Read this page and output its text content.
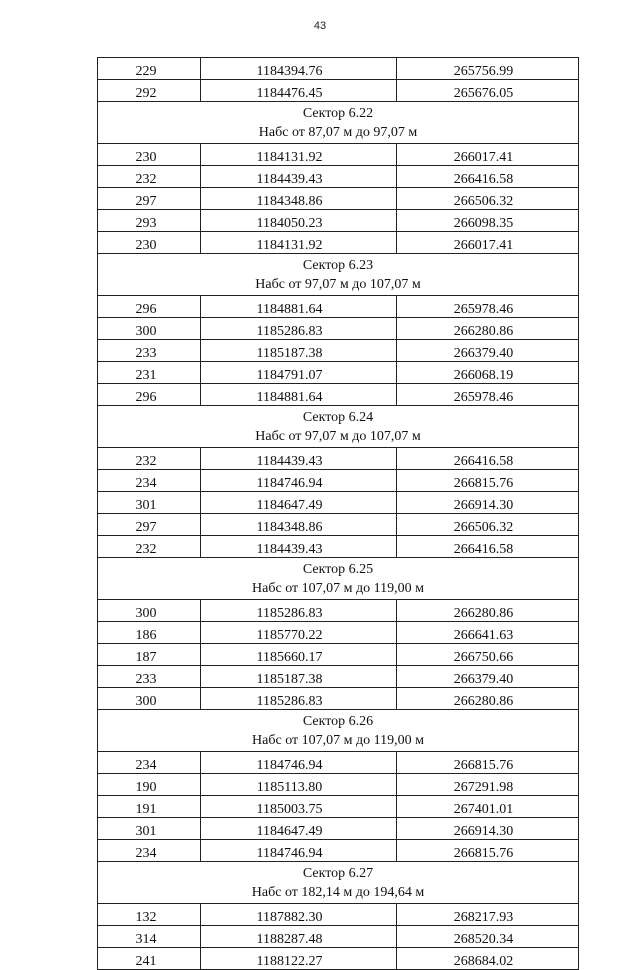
43
229	1184394.76	265756.99
292	1184476.45	265676.05

Сектор 6.22
Набс от 87,07 м до 97,07 м		

230	1184131.92	266017.41
232	1184439.43	266416.58
297	1184348.86	266506.32
293	1184050.23	266098.35
230	1184131.92	266017.41

Сектор 6.23
Набс от 97,07 м до 107,07 м		

296	1184881.64	265978.46
300	1185286.83	266280.86
233	1185187.38	266379.40
231	1184791.07	266068.19
296	1184881.64	265978.46

Сектор 6.24
Набс от 97,07 м до 107,07 м		

232	1184439.43	266416.58
234	1184746.94	266815.76
301	1184647.49	266914.30
297	1184348.86	266506.32
232	1184439.43	266416.58

Сектор 6.25
Набс от 107,07 м до 119,00 м		

300	1185286.83	266280.86
186	1185770.22	266641.63
187	1185660.17	266750.66
233	1185187.38	266379.40
300	1185286.83	266280.86

Сектор 6.26
Набс от 107,07 м до 119,00 м		

234	1184746.94	266815.76
190	1185113.80	267291.98
191	1185003.75	267401.01
301	1184647.49	266914.30
234	1184746.94	266815.76

Сектор 6.27
Набс от 182,14 м до 194,64 м		

132	1187882.30	268217.93
314	1188287.48	268520.34
241	1188122.27	268684.02
